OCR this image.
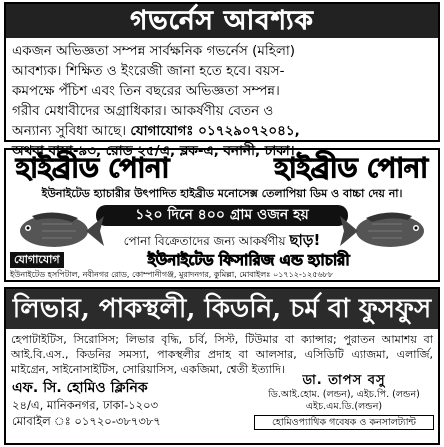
গভর্নেস আবশ্যক
একজন অভিজ্ঞতা সম্পন্ন সার্বক্ষনিক গভর্নেস (মহিলা)
আবশ্যক। শিক্ষিত ও ইংরেজী জানা হতে হবে। বয়স-
কমপক্ষে পঁচিশ এবং তিন বছরের অভিজ্ঞতা সম্পন্ন।
গরীব মেধাবীদের অগ্রাধিকার। আকর্ষণীয় বেতন ও
অন্যান্য সুবিধা আছে। যোগাযোগঃ ০১৭২৯০৭২০৪১,
অথবা বাসা-৯৩, রোড ২৫/এ, ব্লক-এ, বনানী, ঢাকা।
হাইব্রীড পোনা	হাইব্রীড পোনা
ইউনাইটেড হ্যাচারীর উৎপাদিত হাইব্রীড মনোসেক্স তেলাপিয়া ডিম ও বাচ্চা দেয় না।
১২০ দিনে ৪০০ গ্রাম ওজন হয়
পোনা বিক্রেতাদের জন্য আকর্ষণীয় ছাড়!
যোগাযোগ	ইউনাইটেড ফিসারিজ এন্ড হ্যাচারী
ইউনাইটেড হসপিটাল, নবীনগর রোড, কোম্পানীগঞ্জ, মুরাদনগর, কুমিল্লা, মোবাইলঃ ০১৭১২-১২৫৬৮৮
লিভার, পাকস্থলী, কিডনি, চর্ম বা ফুসফুস
হেপাটাইটিস, সিরোসিস; লিভার বৃদ্ধি, চর্বি, সিস্ট, টিউমার বা ক্যান্সার; পুরাতন আমাশয় বা আই.বি.এস., কিডনির সমস্যা, পাকস্থলীর প্রদাহ বা আলসার, এসিডিটি এ্যাজমা, এলার্জি, মাইগ্রেন, সাইনোসাইটিস, সোরিয়াসিস, একজিমা, শ্বেতী ইত্যাদি।
এফ. সি. হোমিও ক্লিনিক
২৪/এ, মানিকনগর, ঢাকা-১২০৩
মোবাইল ঃ ০১৭২০-৩৮৭৩৮৭
ডা. তাপস বসু
ডি.আই.হোম. (লন্ডন), এইচ.পি. (লন্ডন)
এইচ.এম.ডি.(লন্ডন)
হোমিওপ্যাথিক গবেষক ও কনসালট্যান্ট
